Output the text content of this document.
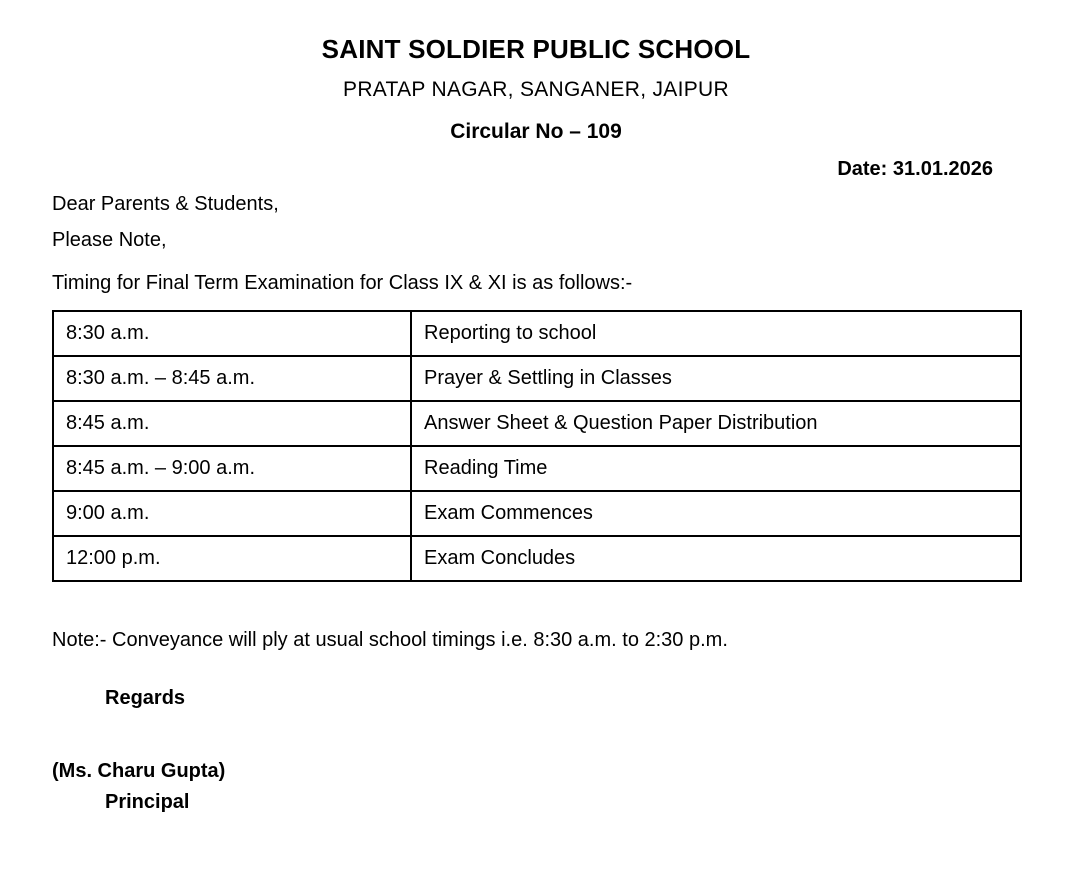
SAINT SOLDIER PUBLIC SCHOOL
PRATAP NAGAR, SANGANER, JAIPUR
Circular No – 109
Date: 31.01.2026
Dear Parents & Students,
Please Note,
Timing for Final Term Examination for Class IX & XI is as follows:-
8:30 a.m.	Reporting to school
8:30 a.m. – 8:45 a.m.	Prayer & Settling in Classes
8:45 a.m.	Answer Sheet & Question Paper Distribution
8:45 a.m. – 9:00 a.m.	Reading Time
9:00 a.m.	Exam Commences
12:00 p.m.	Exam Concludes
Note:- Conveyance will ply at usual school timings i.e. 8:30 a.m. to 2:30 p.m.
Regards
(Ms. Charu Gupta)
Principal
